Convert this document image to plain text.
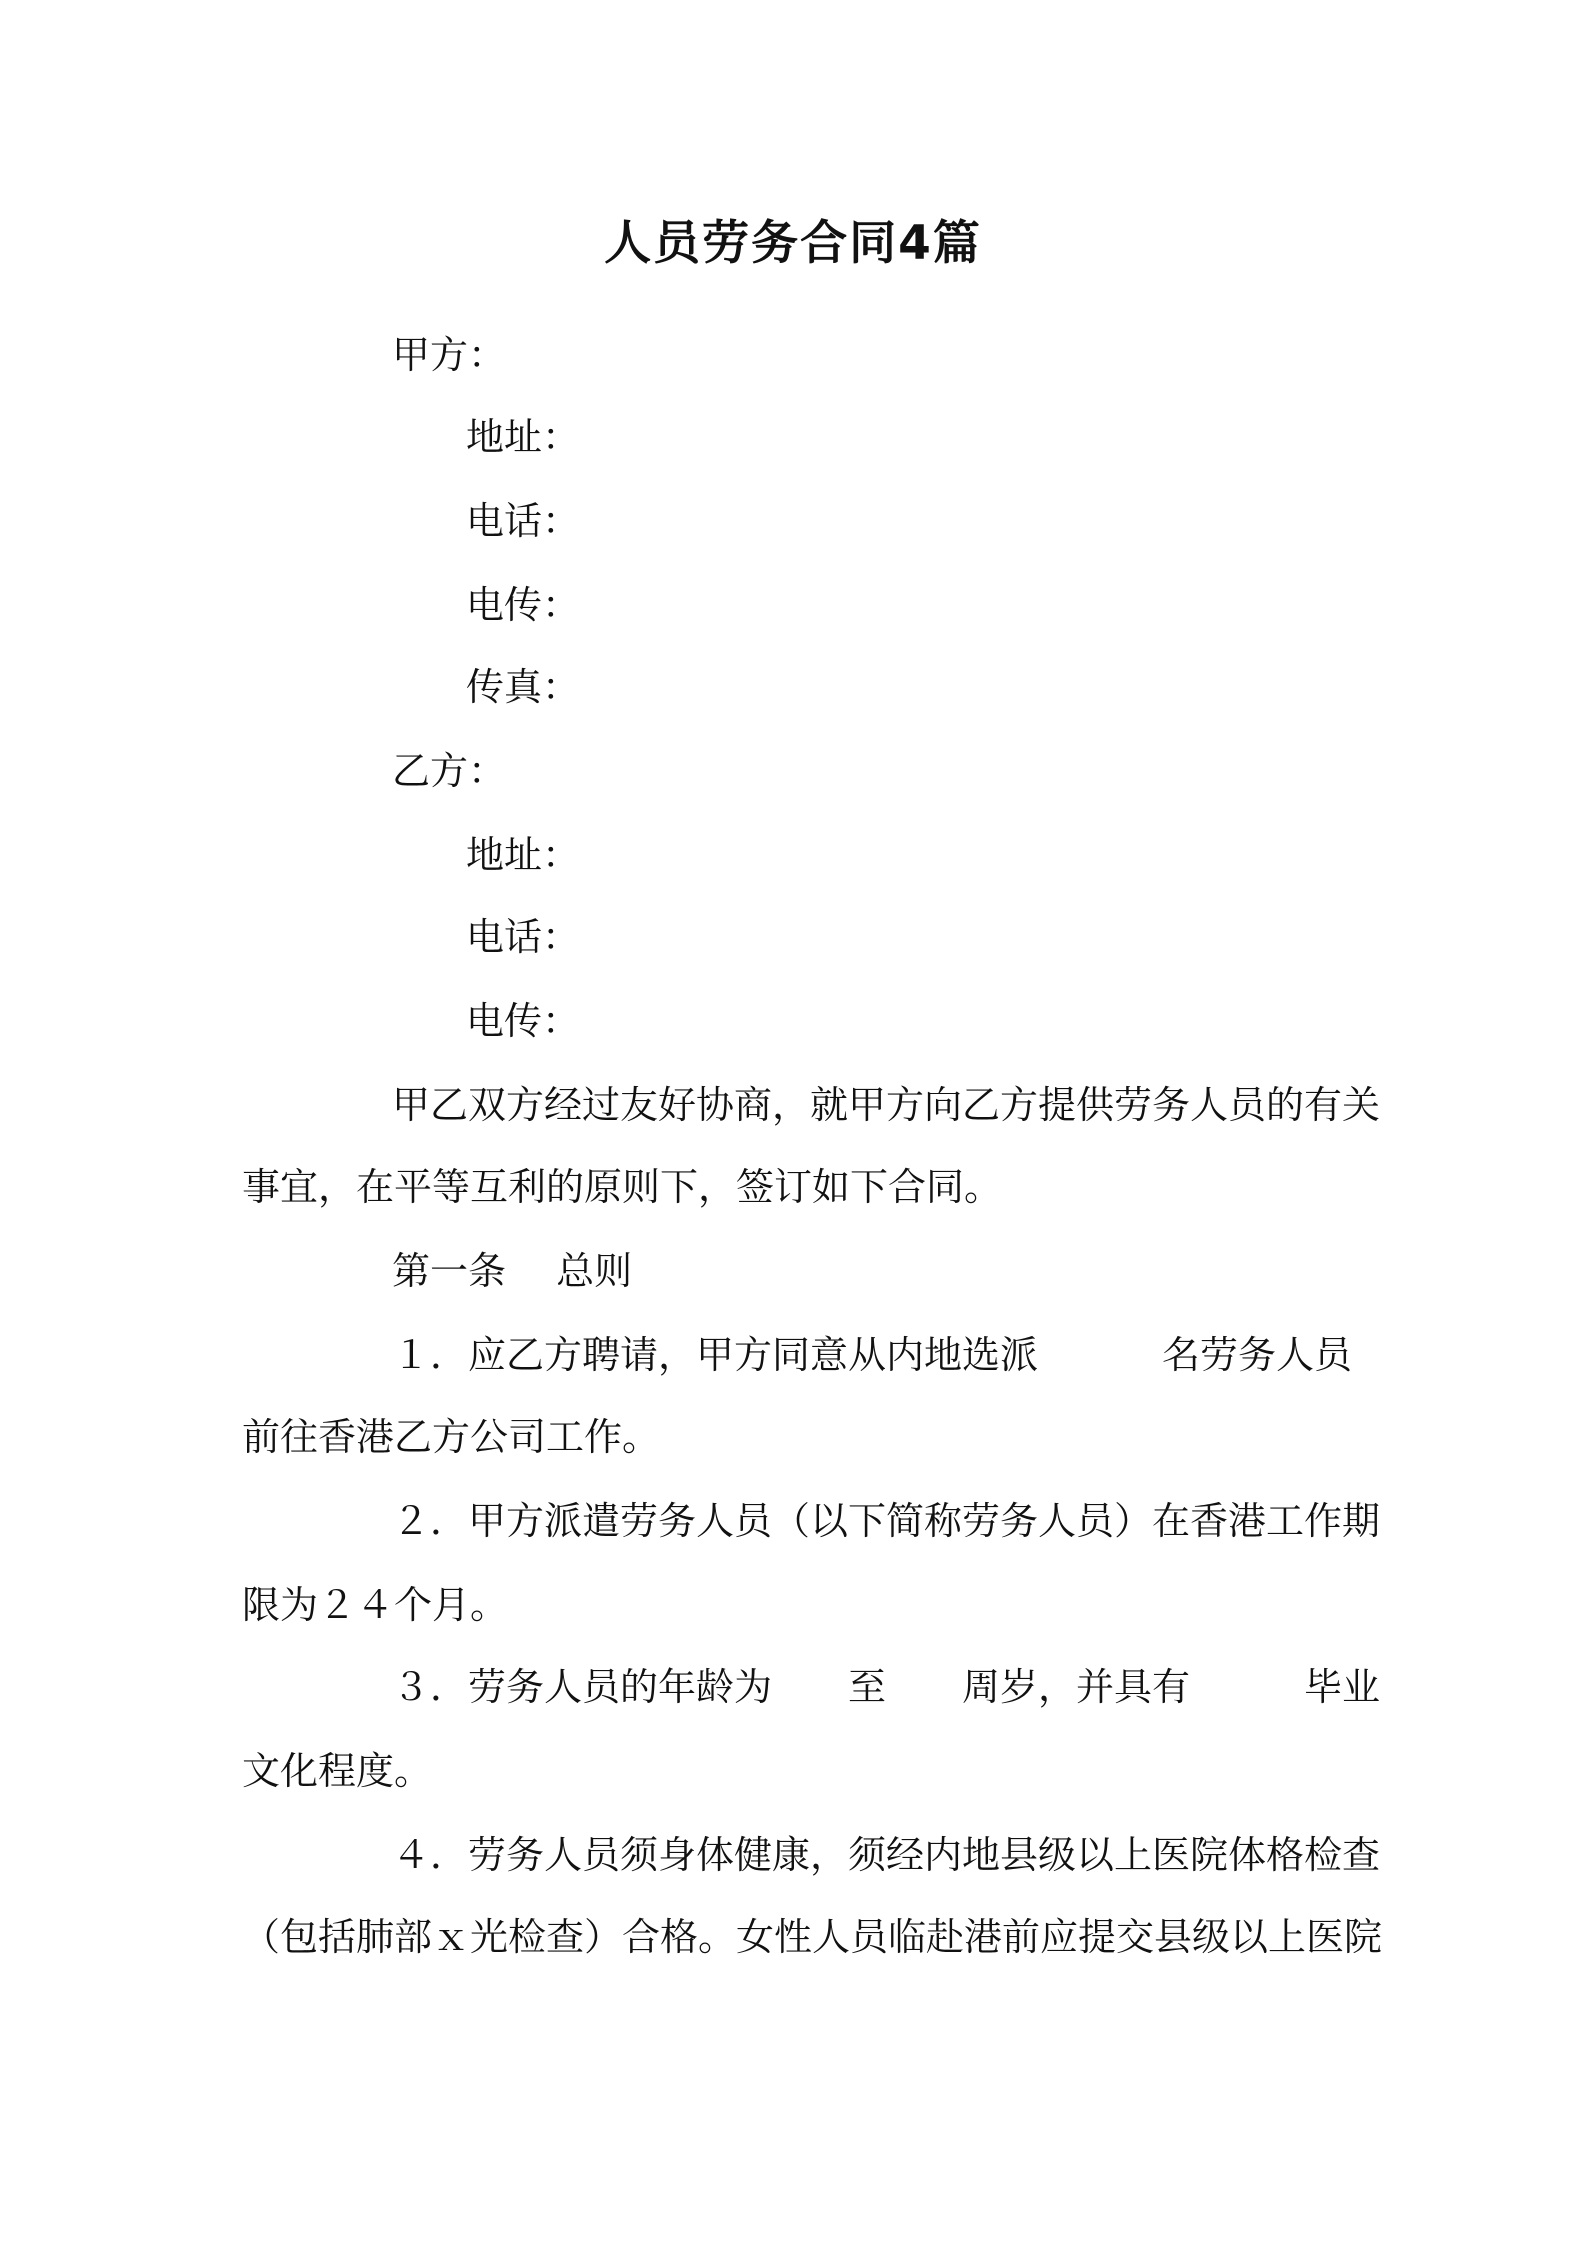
人员劳务合同4篇
甲方：
地址：
电话：
电传：
传真：
乙方：
地址：
电话：
电传：
甲乙双方经过友好协商，就甲方向乙方提供劳务人员的有关
事宜，在平等互利的原则下，签订如下合同。
第一条　 总则
１．应乙方聘请，甲方同意从内地选派	名劳务人员
前往香港乙方公司工作。
２．甲方派遣劳务人员（以下简称劳务人员）在香港工作期
限为２４个月。
３．劳务人员的年龄为 至 周岁，并具有	毕业
文化程度。
４．劳务人员须身体健康，须经内地县级以上医院体格检查
（包括肺部ｘ光检查）合格。女性人员临赴港前应提交县级以上医院
